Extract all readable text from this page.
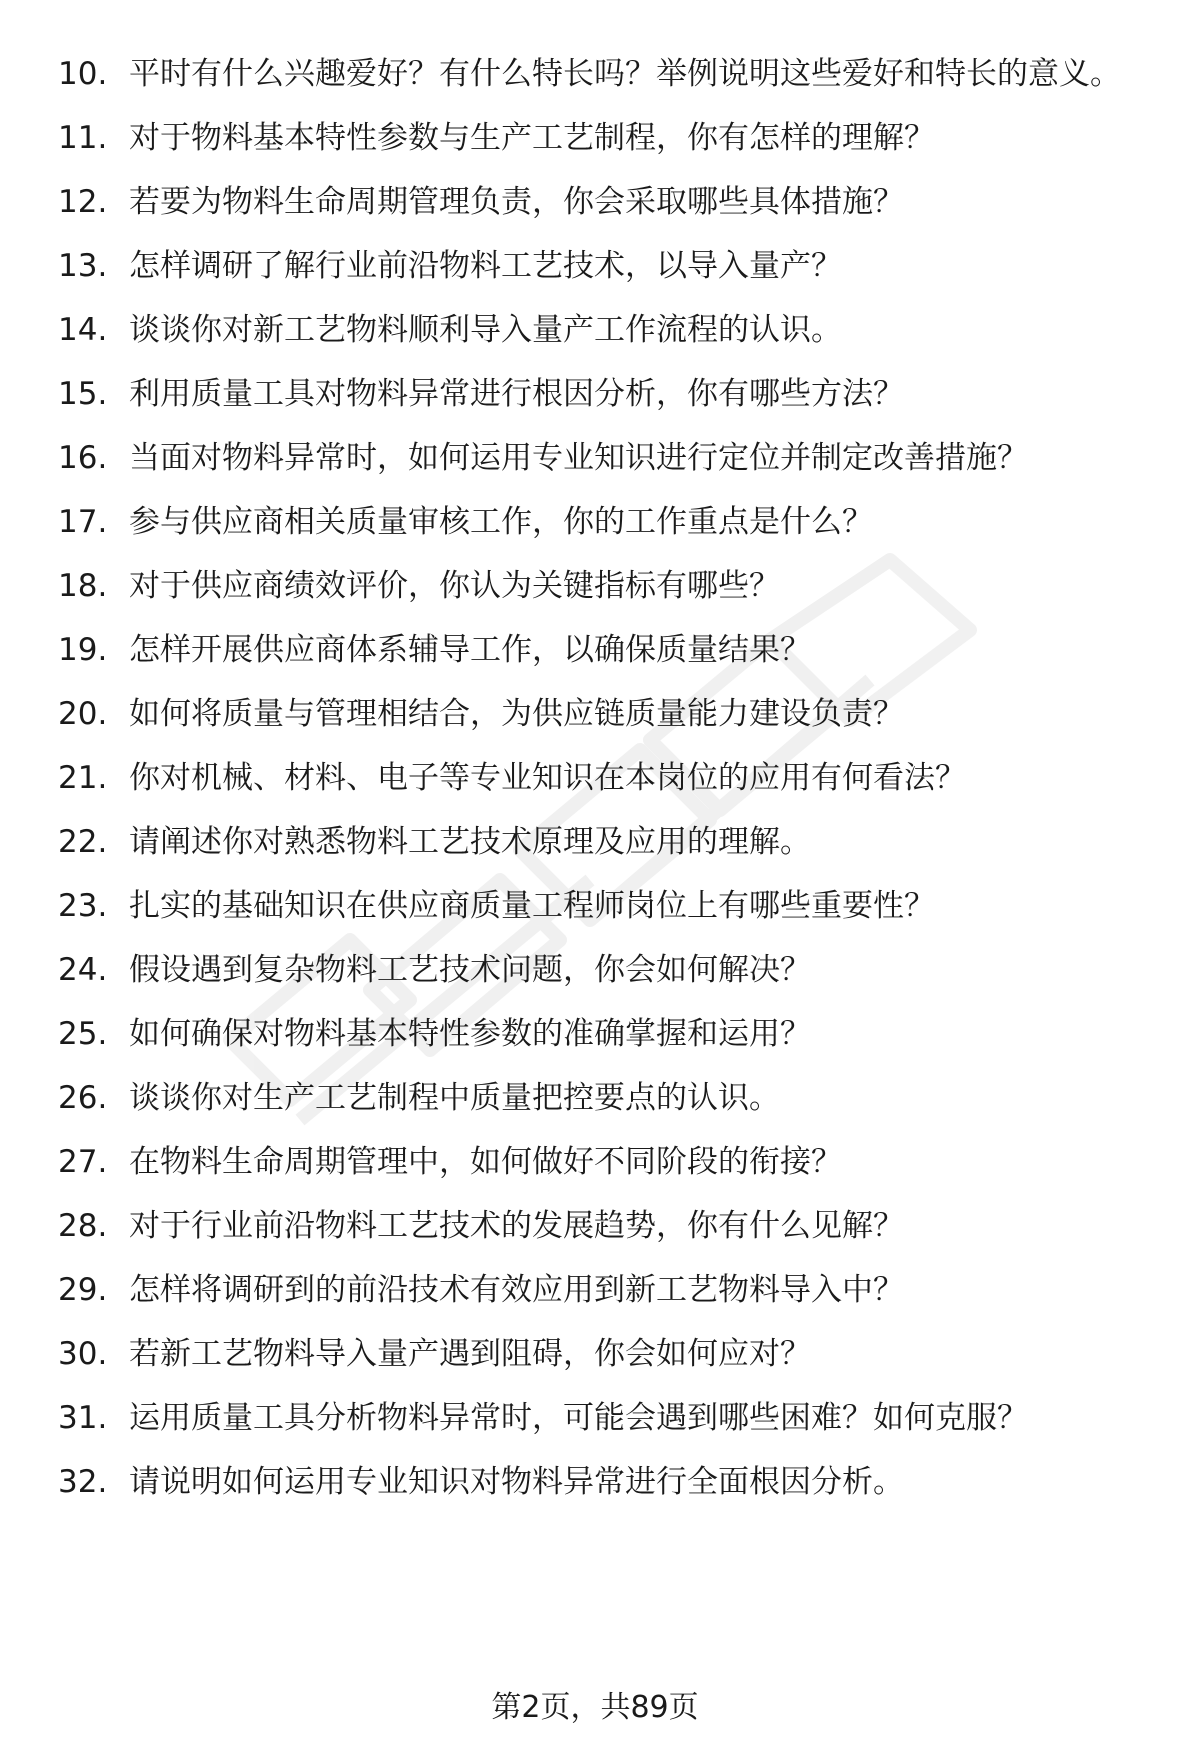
10. 平时有什么兴趣爱好？有什么特长吗？举例说明这些爱好和特长的意义。
11. 对于物料基本特性参数与生产工艺制程，你有怎样的理解？
12. 若要为物料生命周期管理负责，你会采取哪些具体措施？
13. 怎样调研了解行业前沿物料工艺技术，以导入量产？
14. 谈谈你对新工艺物料顺利导入量产工作流程的认识。
15. 利用质量工具对物料异常进行根因分析，你有哪些方法？
16. 当面对物料异常时，如何运用专业知识进行定位并制定改善措施？
17. 参与供应商相关质量审核工作，你的工作重点是什么？
18. 对于供应商绩效评价，你认为关键指标有哪些？
19. 怎样开展供应商体系辅导工作，以确保质量结果？
20. 如何将质量与管理相结合，为供应链质量能力建设负责？
21. 你对机械、材料、电子等专业知识在本岗位的应用有何看法？
22. 请阐述你对熟悉物料工艺技术原理及应用的理解。
23. 扎实的基础知识在供应商质量工程师岗位上有哪些重要性？
24. 假设遇到复杂物料工艺技术问题，你会如何解决？
25. 如何确保对物料基本特性参数的准确掌握和运用？
26. 谈谈你对生产工艺制程中质量把控要点的认识。
27. 在物料生命周期管理中，如何做好不同阶段的衔接？
28. 对于行业前沿物料工艺技术的发展趋势，你有什么见解？
29. 怎样将调研到的前沿技术有效应用到新工艺物料导入中？
30. 若新工艺物料导入量产遇到阻碍，你会如何应对？
31. 运用质量工具分析物料异常时，可能会遇到哪些困难？如何克服？
32. 请说明如何运用专业知识对物料异常进行全面根因分析。
第2页，共89页
